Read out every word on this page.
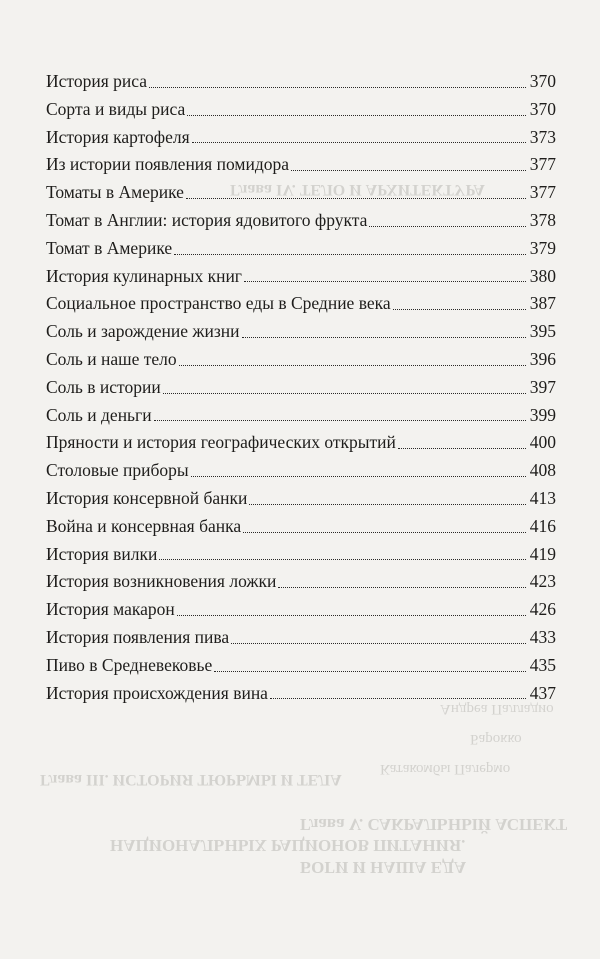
Глава V. САКРАЛЬНЫЙ АСПЕКТ
НАЦИОНАЛЬНЫХ РАЦИОНОВ ПИТАНИЯ.
БОГИ И НАША ЕДА
Глава III. ИСТОРИЯ ТЮРЬМЫ И ТЕЛА
Глава IV. ТЕЛО И АРХИТЕКТУРА
Катакомбы Палермо
Барокко
Андреа Палладио
История риса	370
Сорта и виды риса	370
История картофеля	373
Из истории появления помидора	377
Томаты в Америке	377
Томат в Англии: история ядовитого фрукта	378
Томат в Америке	379
История кулинарных книг	380
Социальное пространство еды в Средние века	387
Соль и зарождение жизни	395
Соль и наше тело	396
Соль в истории	397
Соль и деньги	399
Пряности и история географических открытий	400
Столовые приборы	408
История консервной банки	413
Война и консервная банка	416
История вилки	419
История возникновения ложки	423
История макарон	426
История появления пива	433
Пиво в Средневековье	435
История происхождения вина	437
